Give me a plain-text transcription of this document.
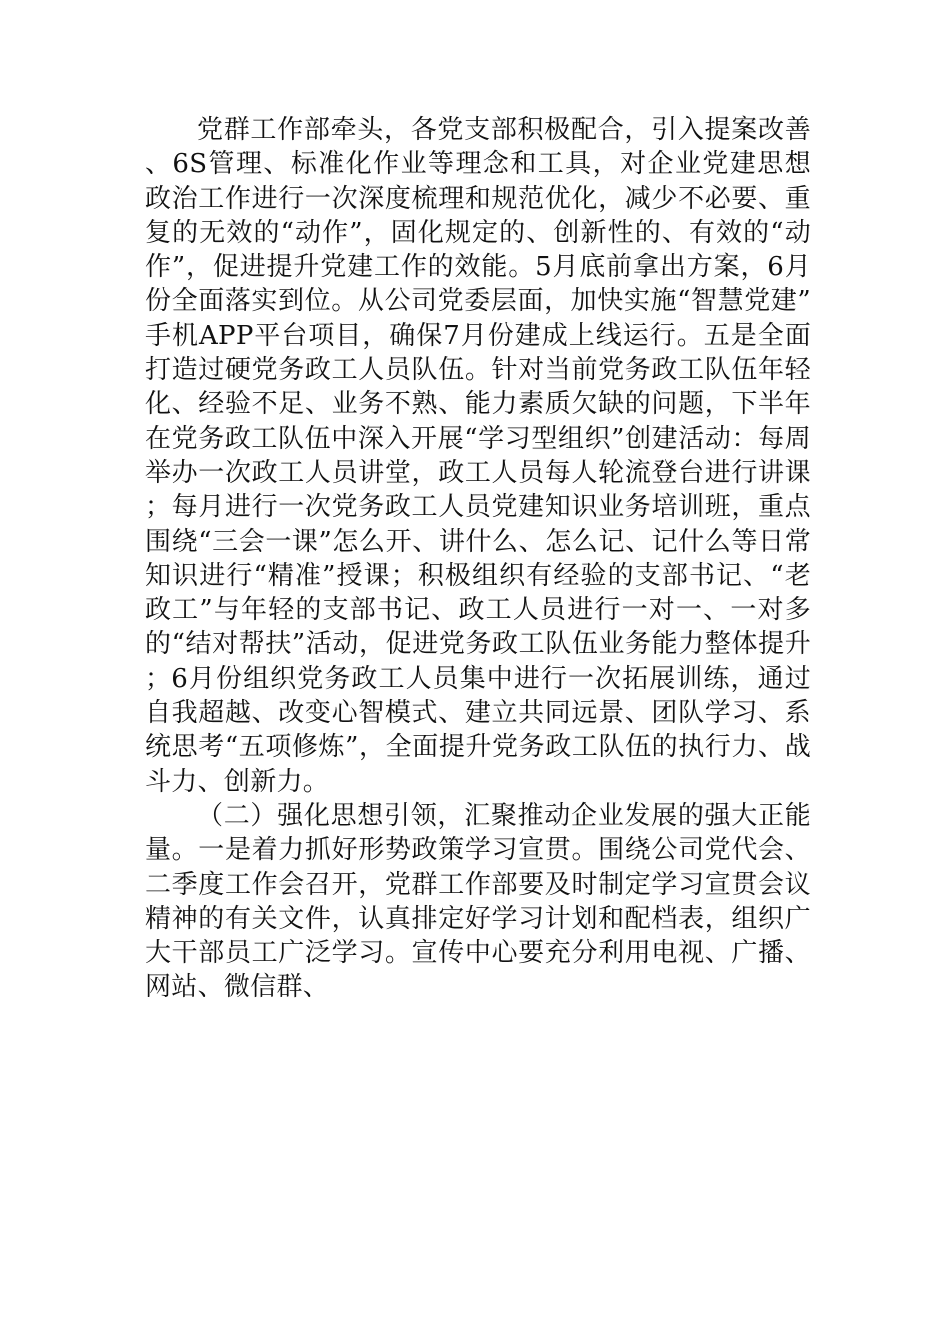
党群工作部牵头，各党支部积极配合，引入提案改善、6S管理、标准化作业等理念和工具，对企业党建思想政治工作进行一次深度梳理和规范优化，减少不必要、重复的无效的“动作”，固化规定的、创新性的、有效的“动作”，促进提升党建工作的效能。5月底前拿出方案，6月份全面落实到位。从公司党委层面，加快实施“智慧党建”手机APP平台项目，确保7月份建成上线运行。五是全面打造过硬党务政工人员队伍。针对当前党务政工队伍年轻化、经验不足、业务不熟、能力素质欠缺的问题，下半年在党务政工队伍中深入开展“学习型组织”创建活动：每周举办一次政工人员讲堂，政工人员每人轮流登台进行讲课；每月进行一次党务政工人员党建知识业务培训班，重点围绕“三会一课”怎么开、讲什么、怎么记、记什么等日常知识进行“精准”授课；积极组织有经验的支部书记、“老政工”与年轻的支部书记、政工人员进行一对一、一对多的“结对帮扶”活动，促进党务政工队伍业务能力整体提升；6月份组织党务政工人员集中进行一次拓展训练，通过自我超越、改变心智模式、建立共同远景、团队学习、系统思考“五项修炼”，全面提升党务政工队伍的执行力、战斗力、创新力。

（二）强化思想引领，汇聚推动企业发展的强大正能量。一是着力抓好形势政策学习宣贯。围绕公司党代会、二季度工作会召开，党群工作部要及时制定学习宣贯会议精神的有关文件，认真排定好学习计划和配档表，组织广大干部员工广泛学习。宣传中心要充分利用电视、广播、网站、微信群、
